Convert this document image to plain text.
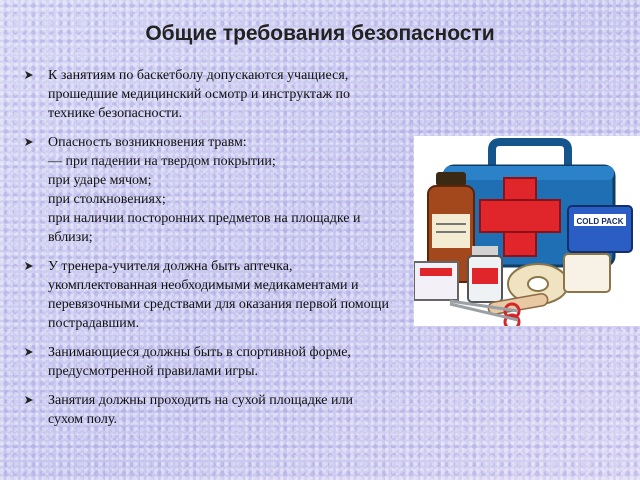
Общие требования безопасности
К занятиям по баскетболу допускаются учащиеся,
прошедшие медицинский осмотр и инструктаж по
технике безопасности.
Опасность возникновения травм:
— при падении на твердом покрытии;
при ударе мячом;
при столкновениях;
при наличии посторонних предметов на площадке и
вблизи;
У тренера-учителя должна быть аптечка,
укомплектованная необходимыми медикаментами и
перевязочными средствами для оказания первой помощи
пострадавшим.
Занимающиеся должны быть в спортивной форме,
предусмотренной правилами игры.
Занятия должны проходить на сухой площадке или
сухом полу.
COLD PACK
